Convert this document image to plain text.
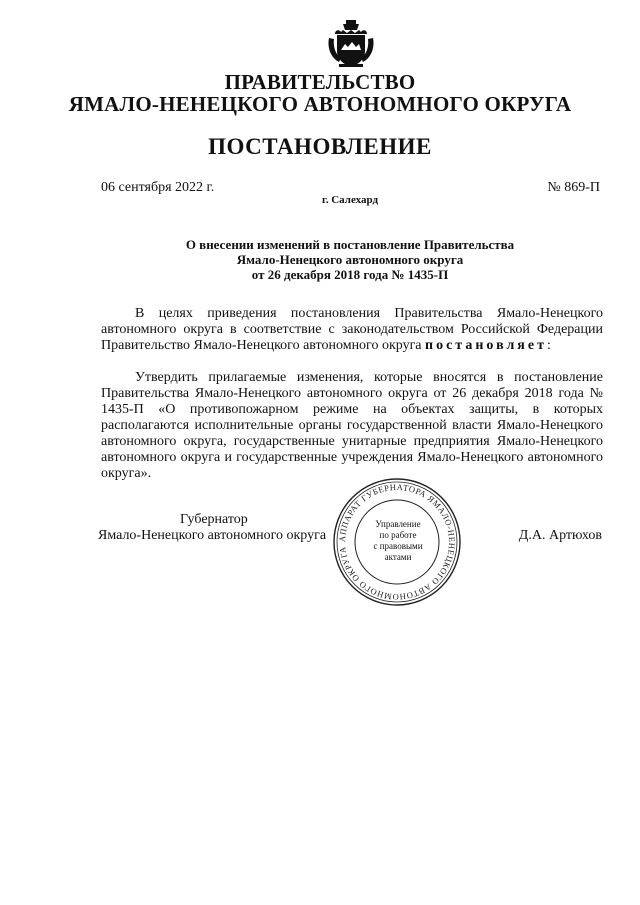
ПРАВИТЕЛЬСТВО
ЯМАЛО-НЕНЕЦКОГО АВТОНОМНОГО ОКРУГА
ПОСТАНОВЛЕНИЕ
06 сентября 2022 г.	№ 869-П
г. Салехард
О внесении изменений в постановление Правительства
Ямало-Ненецкого автономного округа
от 26 декабря 2018 года № 1435-П

В целях приведения постановления Правительства Ямало-Ненецкого автономного округа в соответствие с законодательством Российской Федерации Правительство Ямало-Ненецкого автономного округа постановляет:

Утвердить прилагаемые изменения, которые вносятся в постановление Правительства Ямало-Ненецкого автономного округа от 26 декабря 2018 года № 1435-П «О противопожарном режиме на объектах защиты, в которых располагаются исполнительные органы государственной власти Ямало-Ненецкого автономного округа, государственные унитарные предприятия Ямало-Ненецкого автономного округа и государственные учреждения Ямало-Ненецкого автономного округа».

Губернатор
Ямало-Ненецкого автономного округа	Д.А. Артюхов
АППАРАТ ГУБЕРНАТОРА ЯМАЛО-НЕНЕЦКОГО АВТОНОМНОГО ОКРУГА
Управление
по работе
с правовыми
актами
